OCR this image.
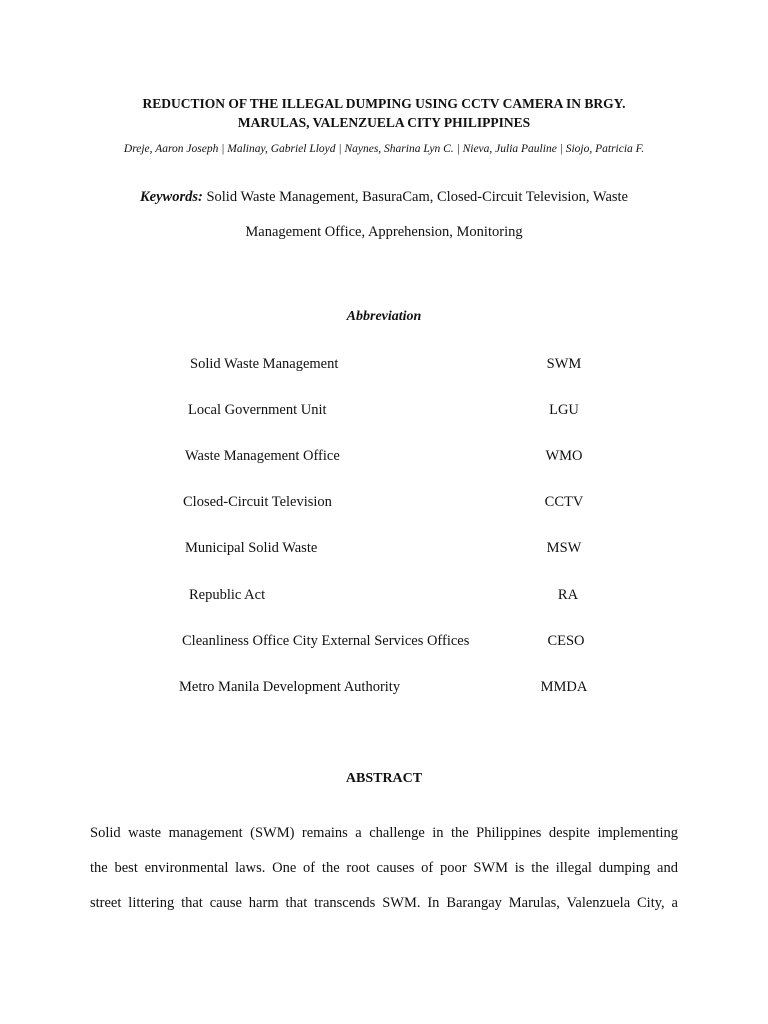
REDUCTION OF THE ILLEGAL DUMPING USING CCTV CAMERA IN BRGY.
MARULAS, VALENZUELA CITY PHILIPPINES

Dreje, Aaron Joseph | Malinay, Gabriel Lloyd | Naynes, Sharina Lyn C. | Nieva, Julia Pauline | Siojo, Patricia F.

Keywords: Solid Waste Management, BasuraCam, Closed-Circuit Television, Waste
Management Office, Apprehension, Monitoring

Abbreviation
Solid Waste Management	SWM
Local Government Unit	LGU
Waste Management Office	WMO
Closed-Circuit Television	CCTV
Municipal Solid Waste	MSW
Republic Act	RA
Cleanliness Office City External Services Offices	CESO
Metro Manila Development Authority	MMDA
ABSTRACT

Solid waste management (SWM) remains a challenge in the Philippines despite implementing
the best environmental laws. One of the root causes of poor SWM is the illegal dumping and
street littering that cause harm that transcends SWM. In Barangay Marulas, Valenzuela City, a
